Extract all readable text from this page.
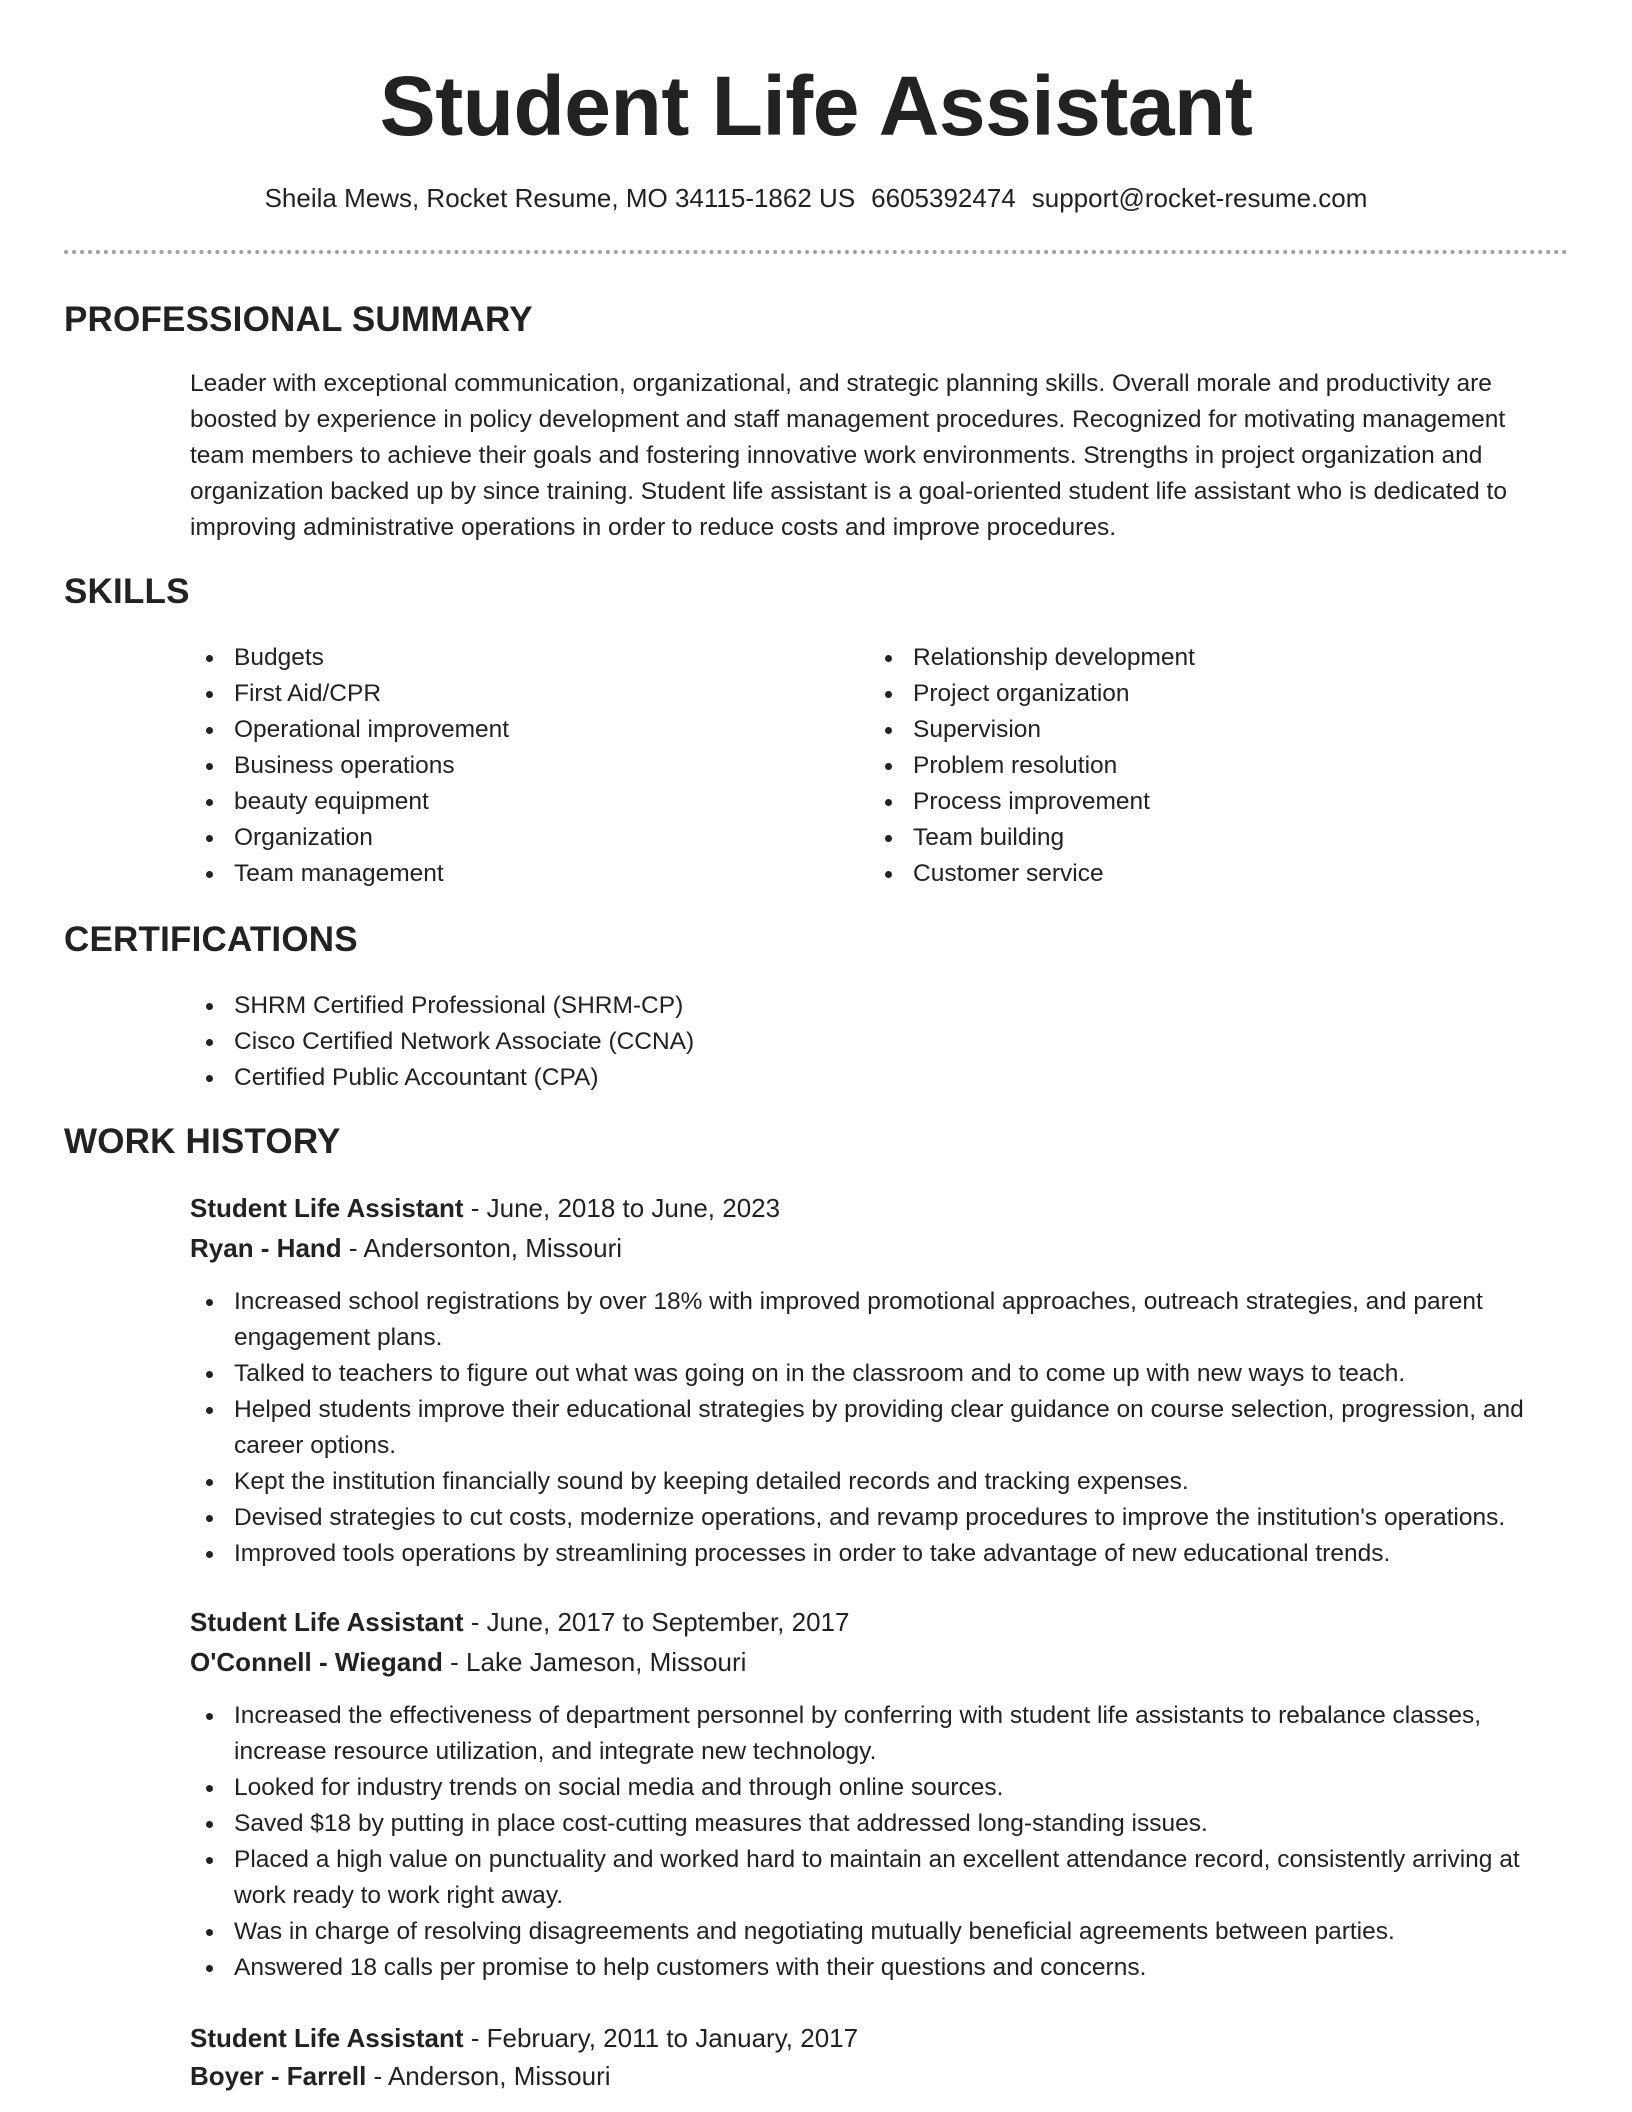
Student Life Assistant
Sheila Mews, Rocket Resume, MO 34115-1862 US 6605392474 support@rocket-resume.com
PROFESSIONAL SUMMARY

Leader with exceptional communication, organizational, and strategic planning skills. Overall morale and productivity are boosted by experience in policy development and staff management procedures. Recognized for motivating management team members to achieve their goals and fostering innovative work environments. Strengths in project organization and organization backed up by since training. Student life assistant is a goal-oriented student life assistant who is dedicated to improving administrative operations in order to reduce costs and improve procedures.

SKILLS
Budgets
First Aid/CPR
Operational improvement
Business operations
beauty equipment
Organization
Team management
Relationship development
Project organization
Supervision
Problem resolution
Process improvement
Team building
Customer service
CERTIFICATIONS
SHRM Certified Professional (SHRM-CP)
Cisco Certified Network Associate (CCNA)
Certified Public Accountant (CPA)
WORK HISTORY
Student Life Assistant - June, 2018 to June, 2023
Ryan - Hand - Andersonton, Missouri
Increased school registrations by over 18% with improved promotional approaches, outreach strategies, and parent engagement plans.
Talked to teachers to figure out what was going on in the classroom and to come up with new ways to teach.
Helped students improve their educational strategies by providing clear guidance on course selection, progression, and career options.
Kept the institution financially sound by keeping detailed records and tracking expenses.
Devised strategies to cut costs, modernize operations, and revamp procedures to improve the institution's operations.
Improved tools operations by streamlining processes in order to take advantage of new educational trends.
Student Life Assistant - June, 2017 to September, 2017
O'Connell - Wiegand - Lake Jameson, Missouri
Increased the effectiveness of department personnel by conferring with student life assistants to rebalance classes, increase resource utilization, and integrate new technology.
Looked for industry trends on social media and through online sources.
Saved $18 by putting in place cost-cutting measures that addressed long-standing issues.
Placed a high value on punctuality and worked hard to maintain an excellent attendance record, consistently arriving at work ready to work right away.
Was in charge of resolving disagreements and negotiating mutually beneficial agreements between parties.
Answered 18 calls per promise to help customers with their questions and concerns.
Student Life Assistant - February, 2011 to January, 2017
Boyer - Farrell - Anderson, Missouri
